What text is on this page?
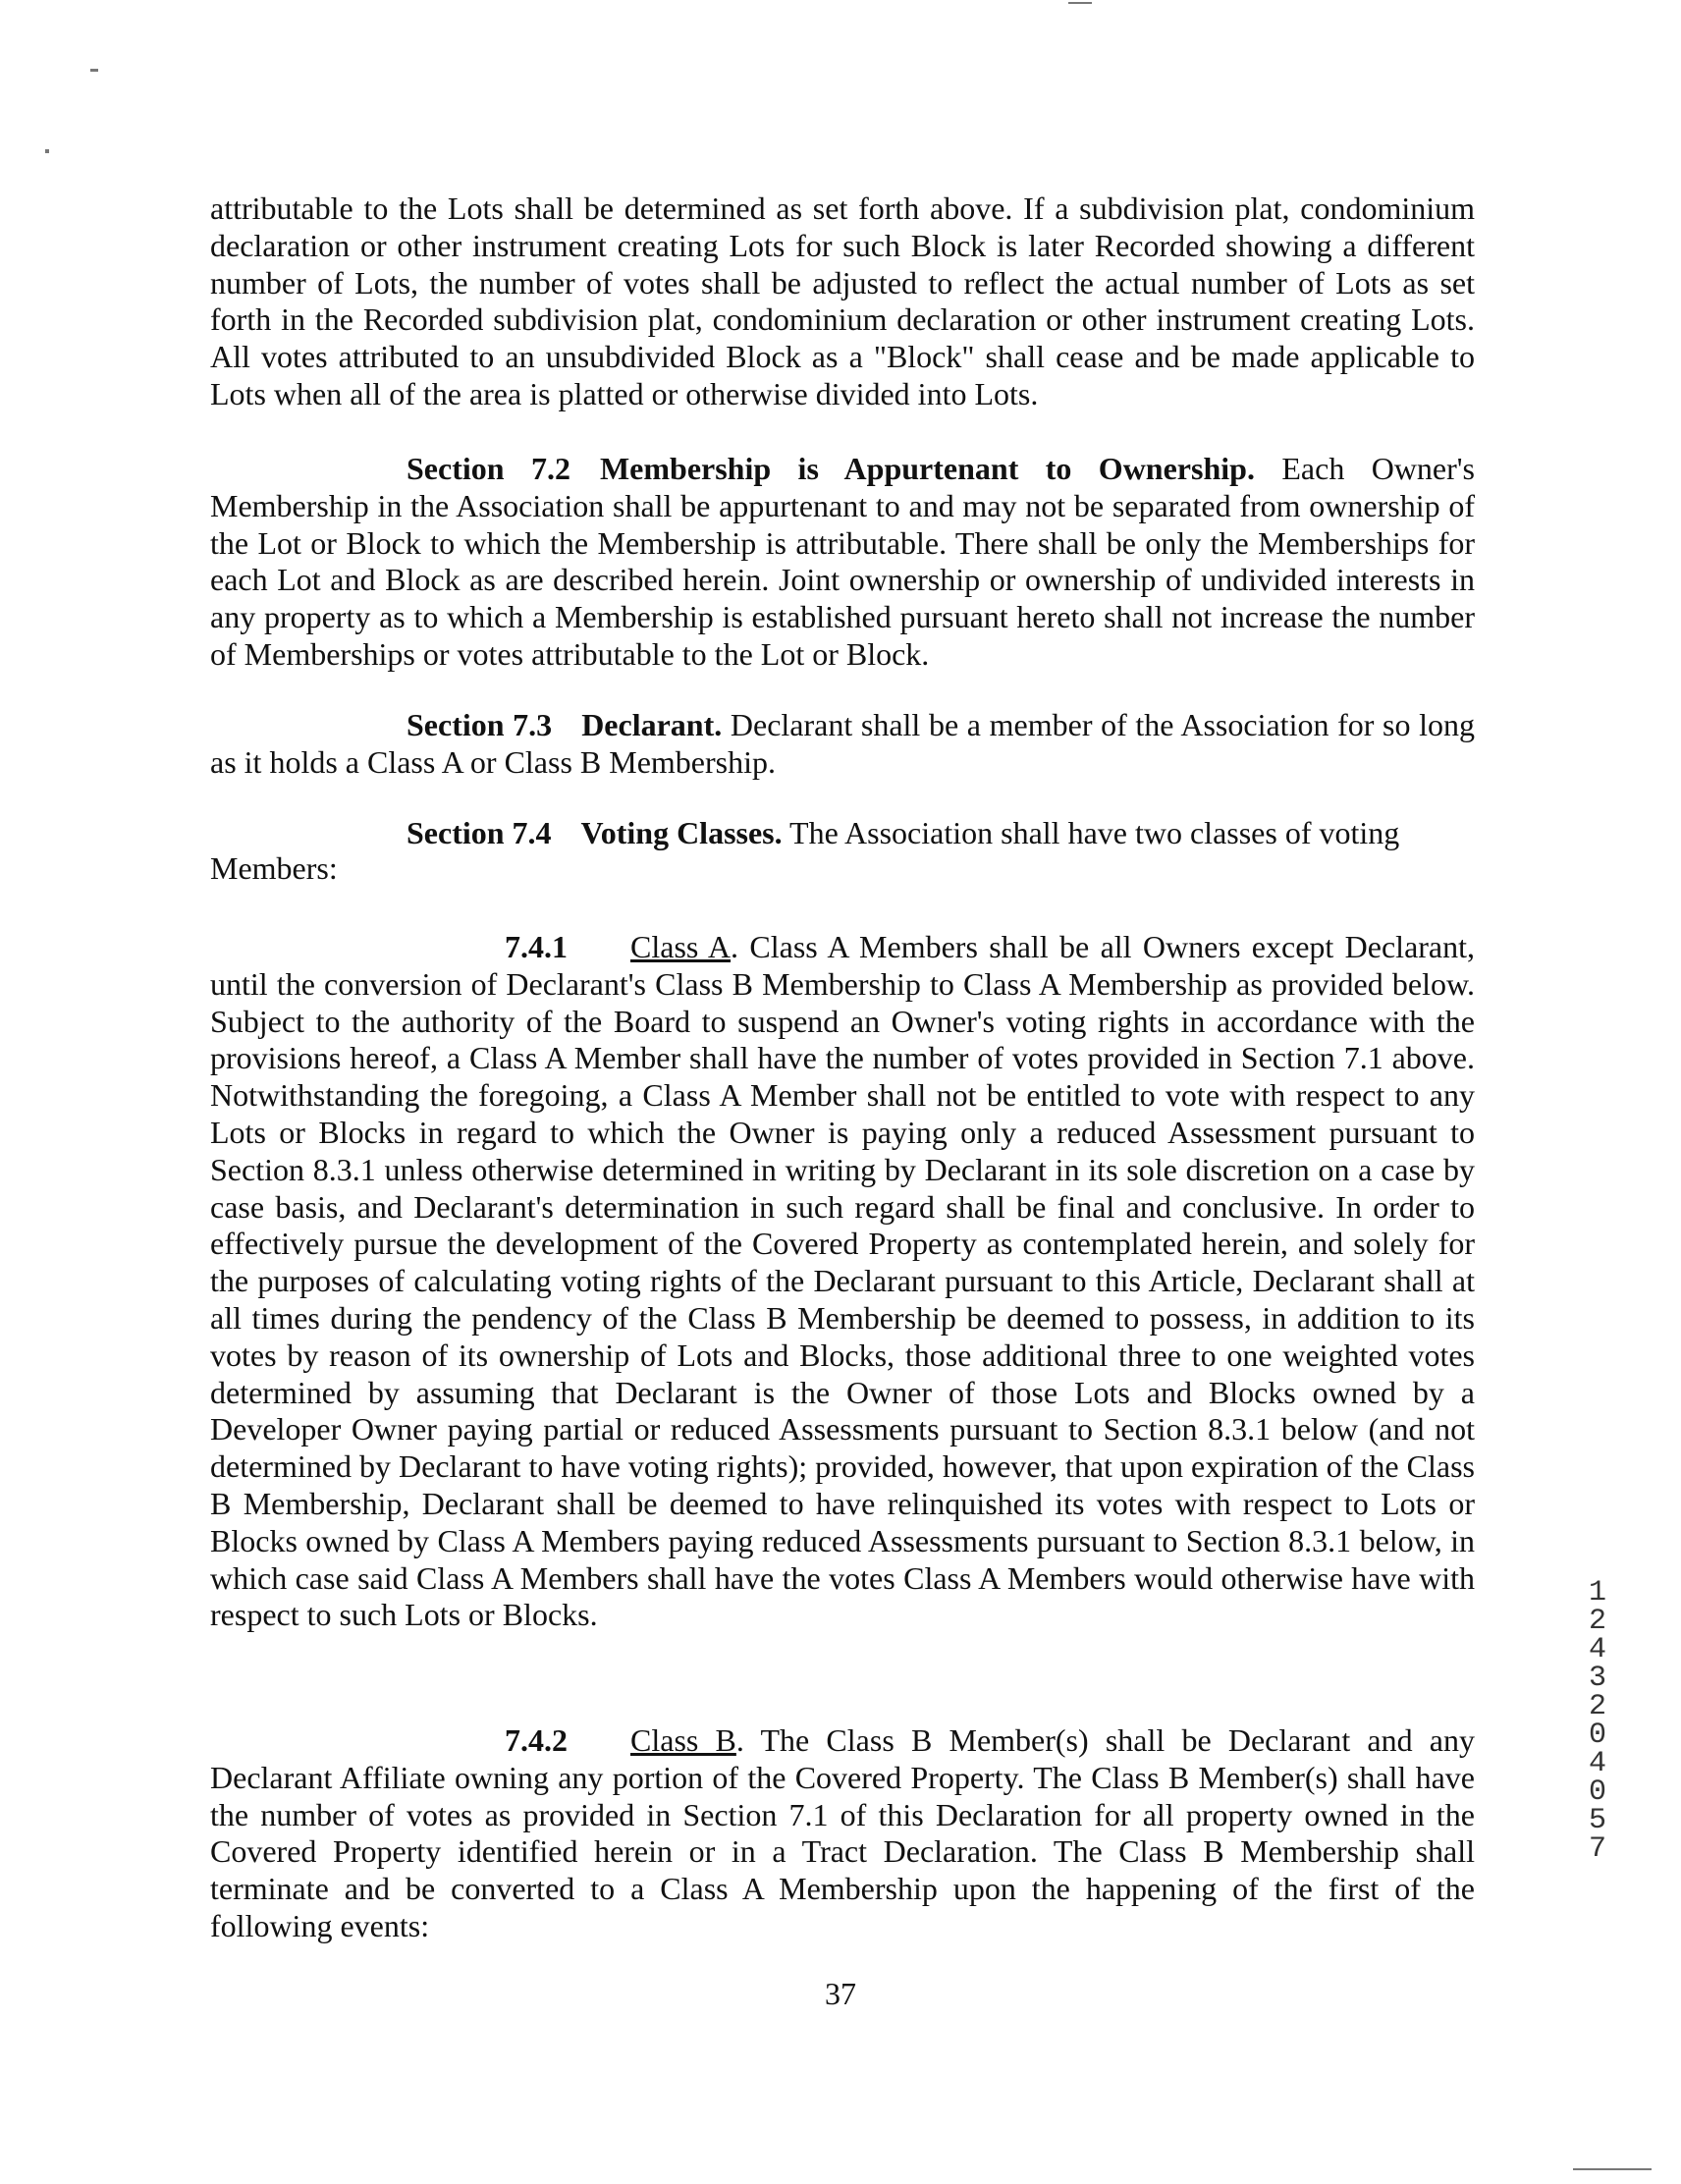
attributable to the Lots shall be determined as set forth above. If a subdivision plat, condominium declaration or other instrument creating Lots for such Block is later Recorded showing a different number of Lots, the number of votes shall be adjusted to reflect the actual number of Lots as set forth in the Recorded subdivision plat, condominium declaration or other instrument creating Lots. All votes attributed to an unsubdivided Block as a "Block" shall cease and be made applicable to Lots when all of the area is platted or otherwise divided into Lots.

Section 7.2 Membership is Appurtenant to Ownership. Each Owner's Membership in the Association shall be appurtenant to and may not be separated from ownership of the Lot or Block to which the Membership is attributable. There shall be only the Memberships for each Lot and Block as are described herein. Joint ownership or ownership of undivided interests in any property as to which a Membership is established pursuant hereto shall not increase the number of Memberships or votes attributable to the Lot or Block.

Section 7.3 Declarant. Declarant shall be a member of the Association for so long as it holds a Class A or Class B Membership.

Section 7.4 Voting Classes. The Association shall have two classes of voting
Members:

7.4.1 Class A. Class A Members shall be all Owners except Declarant, until the conversion of Declarant's Class B Membership to Class A Membership as provided below. Subject to the authority of the Board to suspend an Owner's voting rights in accordance with the provisions hereof, a Class A Member shall have the number of votes provided in Section 7.1 above. Notwithstanding the foregoing, a Class A Member shall not be entitled to vote with respect to any Lots or Blocks in regard to which the Owner is paying only a reduced Assessment pursuant to Section 8.3.1 unless otherwise determined in writing by Declarant in its sole discretion on a case by case basis, and Declarant's determination in such regard shall be final and conclusive. In order to effectively pursue the development of the Covered Property as contemplated herein, and solely for the purposes of calculating voting rights of the Declarant pursuant to this Article, Declarant shall at all times during the pendency of the Class B Membership be deemed to possess, in addition to its votes by reason of its ownership of Lots and Blocks, those additional three to one weighted votes determined by assuming that Declarant is the Owner of those Lots and Blocks owned by a Developer Owner paying partial or reduced Assessments pursuant to Section 8.3.1 below (and not determined by Declarant to have voting rights); provided, however, that upon expiration of the Class B Membership, Declarant shall be deemed to have relinquished its votes with respect to Lots or Blocks owned by Class A Members paying reduced Assessments pursuant to Section 8.3.1 below, in which case said Class A Members shall have the votes Class A Members would otherwise have with respect to such Lots or Blocks.

7.4.2 Class B. The Class B Member(s) shall be Declarant and any Declarant Affiliate owning any portion of the Covered Property. The Class B Member(s) shall have the number of votes as provided in Section 7.1 of this Declaration for all property owned in the Covered Property identified herein or in a Tract Declaration. The Class B Membership shall terminate and be converted to a Class A Membership upon the happening of the first of the following events:

37
12432
04057
